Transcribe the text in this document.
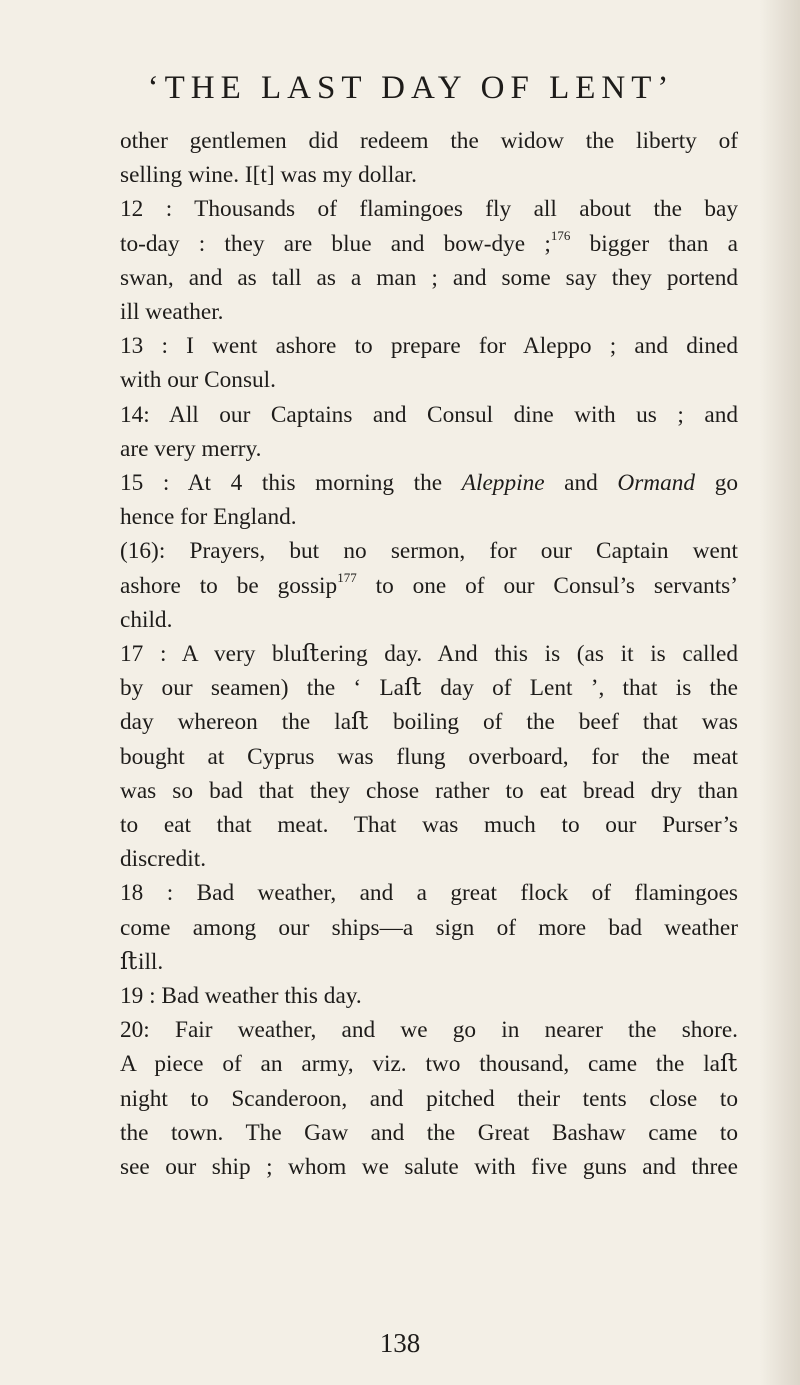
‘THE LAST DAY OF LENT’
other gentlemen did redeem the widow the liberty of
selling wine. I[t] was my dollar.
12 : Thousands of flamingoes fly all about the bay
to-day : they are blue and bow-dye ;$^{176}$ bigger than a
swan, and as tall as a man ; and some say they portend
ill weather.
13 : I went ashore to prepare for Aleppo ; and dined
with our Consul.
14: All our Captains and Consul dine with us ; and
are very merry.
15 : At 4 this morning the Aleppine and Ormand go
hence for England.
(16): Prayers, but no sermon, for our Captain went
ashore to be gossip$^{177}$ to one of our Consul’s servants’
child.
17 : A very bluﬅering day. And this is (as it is called
by our seamen) the ‘ Laﬅ day of Lent ’, that is the
day whereon the laﬅ boiling of the beef that was
bought at Cyprus was flung overboard, for the meat
was so bad that they chose rather to eat bread dry than
to eat that meat. That was much to our Purser’s
discredit.
18 : Bad weather, and a great flock of flamingoes
come among our ships—a sign of more bad weather
ﬅill.
19 : Bad weather this day.
20: Fair weather, and we go in nearer the shore.
A piece of an army, viz. two thousand, came the laﬅ
night to Scanderoon, and pitched their tents close to
the town. The Gaw and the Great Bashaw came to
see our ship ; whom we salute with five guns and three
138
